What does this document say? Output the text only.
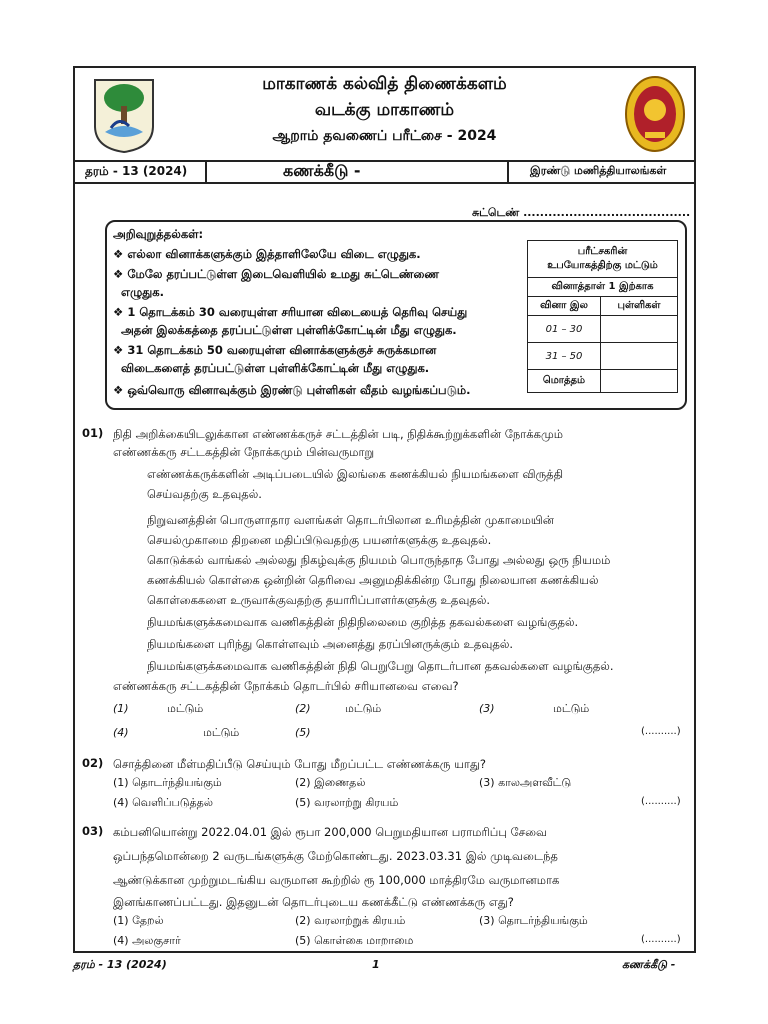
மாகாணக் கல்வித் திணைக்களம்
வடக்கு மாகாணம்
ஆறாம் தவணைப் பரீட்சை - 2024
தரம் - 13 (2024)	கணக்கீடு -	இரண்டு மணித்தியாலங்கள்
சுட்டெண் ........................................
அறிவுறுத்தல்கள்:
❖ எல்லா வினாக்களுக்கும் இத்தாளிலேயே விடை எழுதுக.
❖ மேலே தரப்பட்டுள்ள இடைவெளியில் உமது சுட்டெண்ணை
எழுதுக.
❖ 1 தொடக்கம் 30 வரையுள்ள சரியான விடையைத் தெரிவு செய்து
அதன் இலக்கத்தை தரப்பட்டுள்ள புள்ளிக்கோட்டின் மீது எழுதுக.
❖ 31 தொடக்கம் 50 வரையுள்ள வினாக்களுக்குச் சுருக்கமான
விடைகளைத் தரப்பட்டுள்ள புள்ளிக்கோட்டின் மீது எழுதுக.
❖ ஒவ்வொரு வினாவுக்கும் இரண்டு புள்ளிகள் வீதம் வழங்கப்படும்.
பரீட்சகரின்
உபயோகத்திற்கு மட்டும்	

வினாத்தாள் 1 இற்காக	
வினா இல	புள்ளிகள்
01 – 30	
31 – 50	
மொத்தம்	
01) நிதி அறிக்கையிடலுக்கான எண்ணக்கருச் சட்டத்தின் படி, நிதிக்கூற்றுக்களின் நோக்கமும்
எண்ணக்கரு சட்டகத்தின் நோக்கமும் பின்வருமாறு
எண்ணக்கருக்களின் அடிப்படையில் இலங்கை கணக்கியல் நியமங்களை விருத்தி
செய்வதற்கு உதவுதல்.
நிறுவனத்தின் பொருளாதார வளங்கள் தொடர்பிலான உரிமத்தின் முகாமையின்
செயல்முகாமை திறனை மதிப்பிடுவதற்கு பயனர்களுக்கு உதவுதல்.
கொடுக்கல் வாங்கல் அல்லது நிகழ்வுக்கு நியமம் பொருந்தாத போது அல்லது ஒரு நியமம்
கணக்கியல் கொள்கை ஒன்றின் தெரிவை அனுமதிக்கின்ற போது நிலையான கணக்கியல்
கொள்கைகளை உருவாக்குவதற்கு தயாரிப்பாளர்களுக்கு உதவுதல்.
நியமங்களுக்கமைவாக வணிகத்தின் நிதிநிலைமை குறித்த தகவல்களை வழங்குதல்.
நியமங்களை புரிந்து கொள்ளவும் அனைத்து தரப்பினருக்கும் உதவுதல்.
நியமங்களுக்கமைவாக வணிகத்தின் நிதி பெறுபேறு தொடர்பான தகவல்களை வழங்குதல்.
எண்ணக்கரு சட்டகத்தின் நோக்கம் தொடர்பில் சரியானவை எவை?
(1)	மட்டும்	(2)	மட்டும்	(3)	மட்டும்
(4)	மட்டும்	(5)	(..........)
02) சொத்தினை மீள்மதிப்பீடு செய்யும் போது மீறப்பட்ட எண்ணக்கரு யாது?
(1) தொடர்ந்தியங்கும்	(2) இணைதல்	(3) காலஅளவீட்டு
(4) வெளிப்படுத்தல்	(5) வரலாற்று கிரயம்	(..........)
03) கம்பனியொன்று 2022.04.01 இல் ரூபா 200,000 பெறுமதியான பராமரிப்பு சேவை
ஒப்பந்தமொன்றை 2 வருடங்களுக்கு மேற்கொண்டது. 2023.03.31 இல் முடிவடைந்த
ஆண்டுக்கான முற்றுமடங்கிய வருமான கூற்றில் ரூ 100,000 மாத்திரமே வருமானமாக
இனங்காணப்பட்டது. இதனுடன் தொடர்புடைய கணக்கீட்டு எண்ணக்கரு எது?
(1) தேறல்	(2) வரலாற்றுக் கிரயம்	(3) தொடர்ந்தியங்கும்
(4) அலகுசார்	(5) கொள்கை மாறாமை	(..........)
தரம் - 13 (2024)	1	கணக்கீடு -
